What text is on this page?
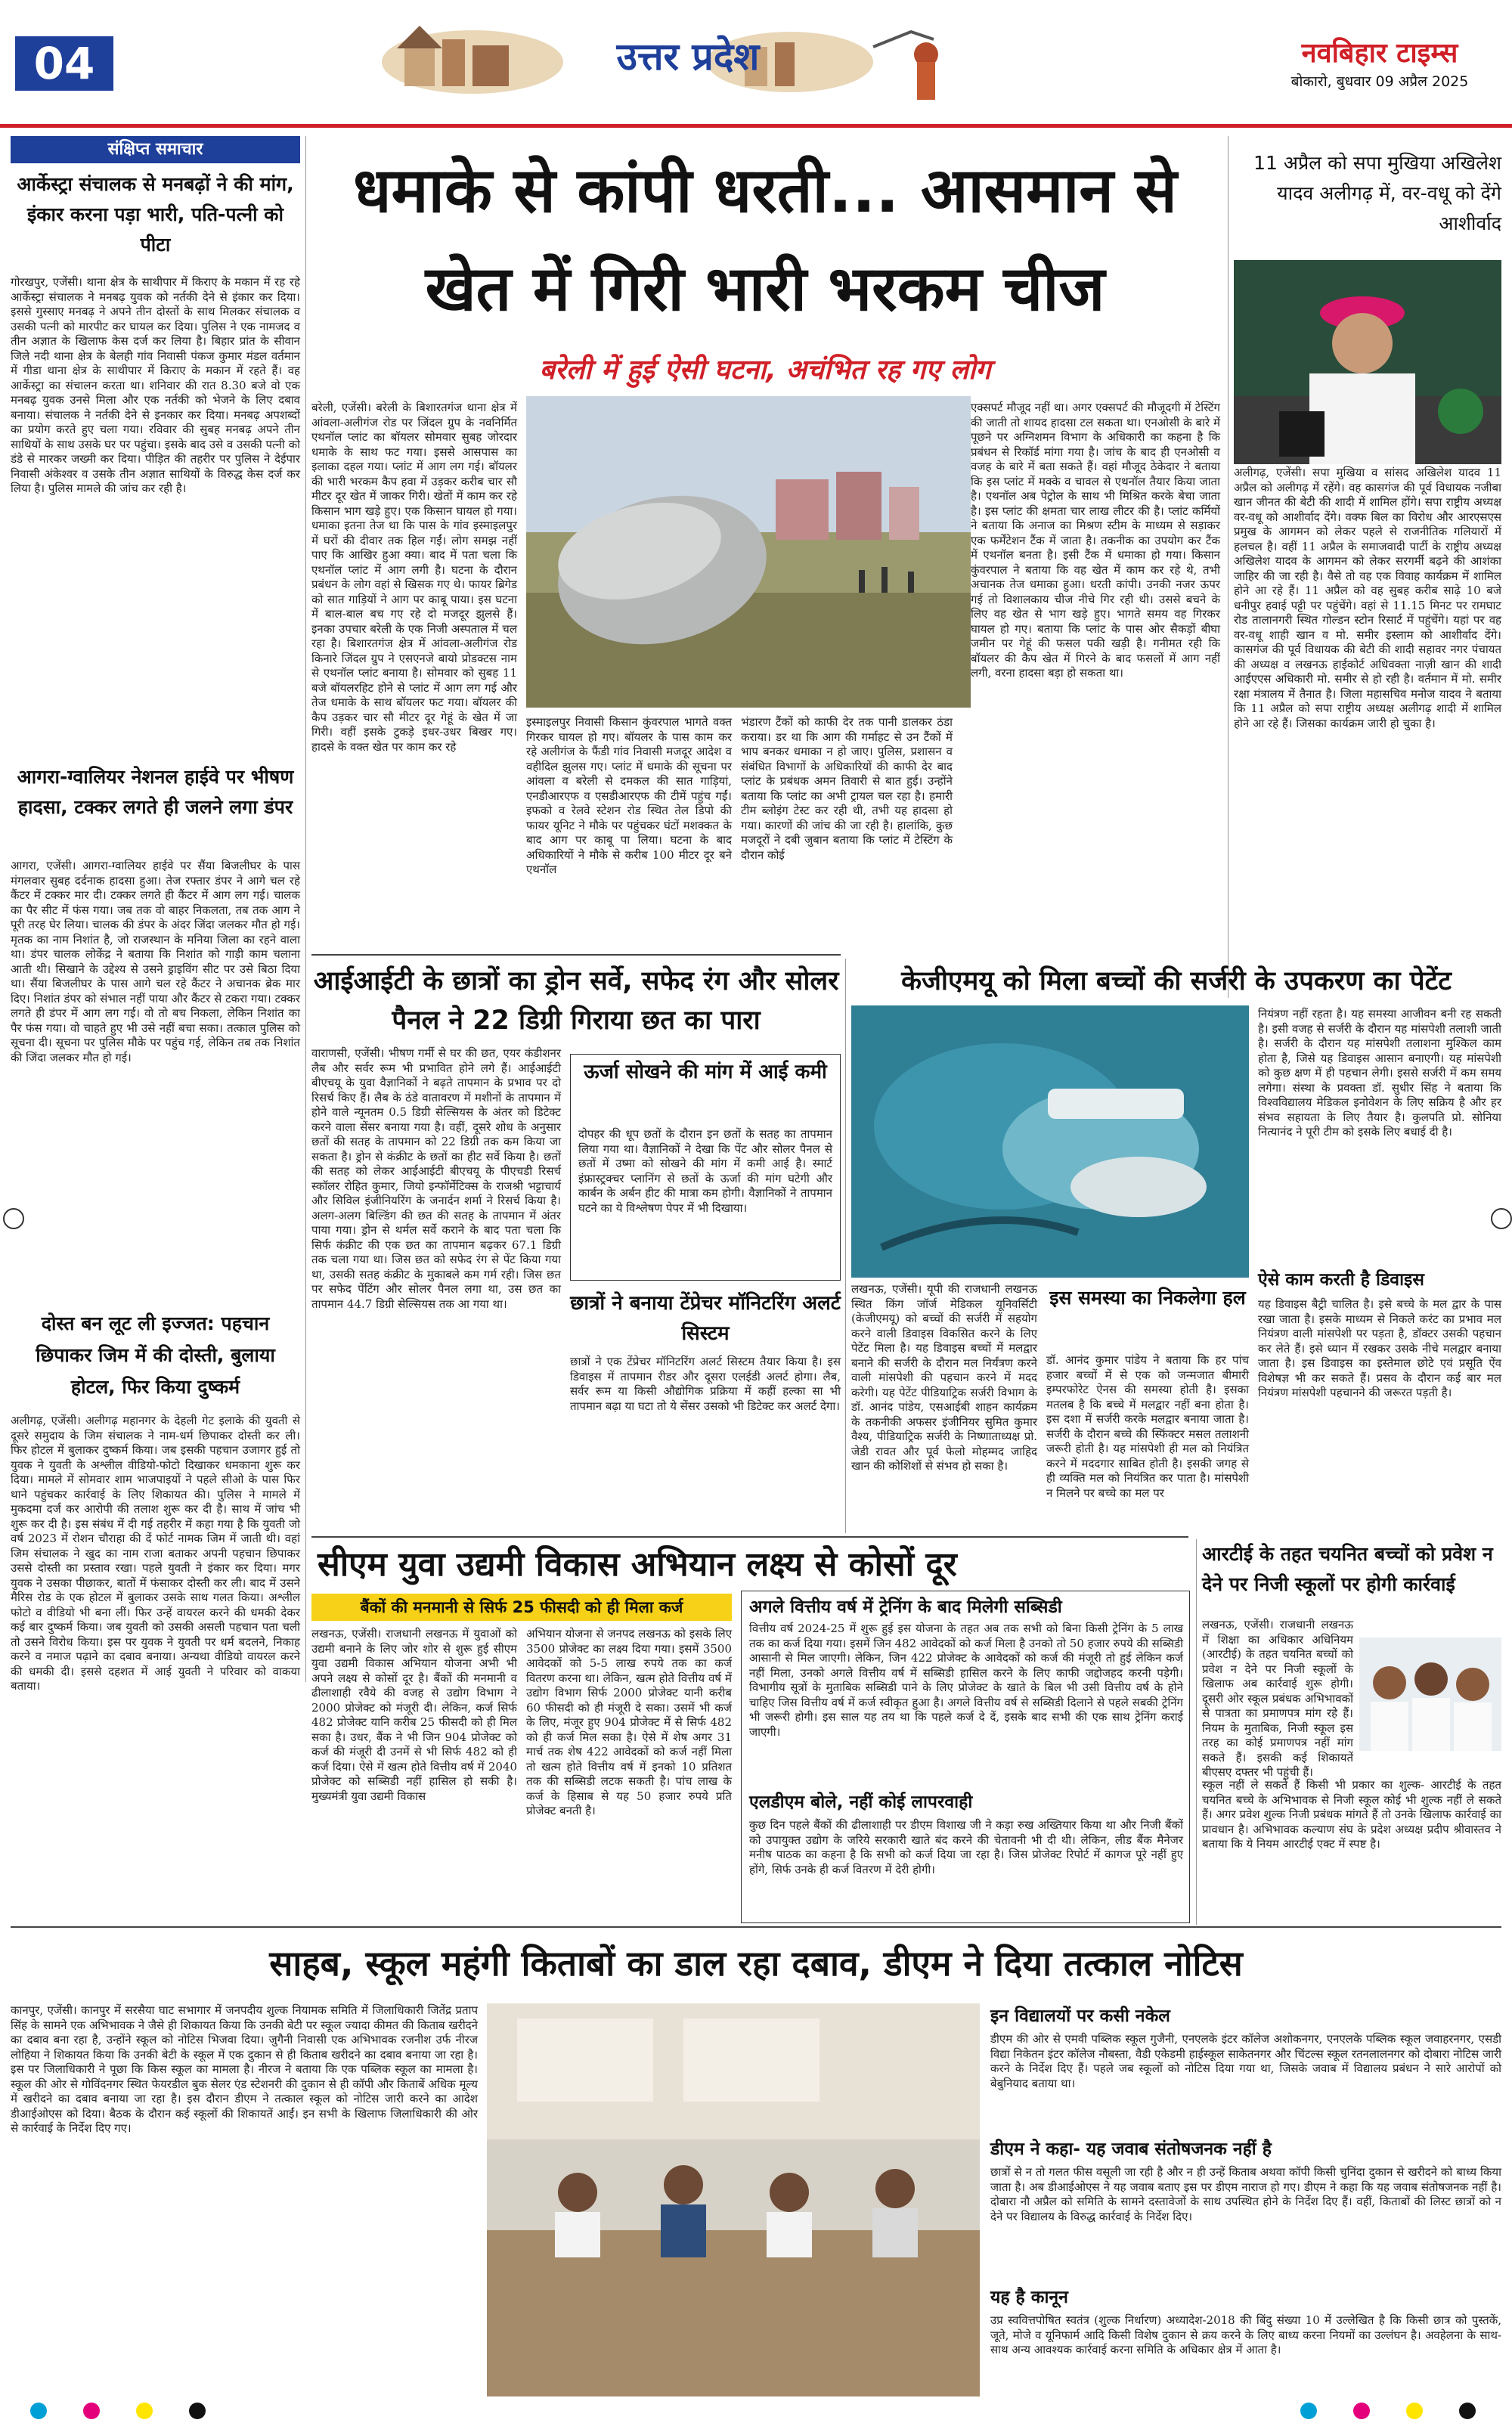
04	उत्तर प्रदेश	नवबिहार टाइम्स
बोकारो, बुधवार 09 अप्रैल 2025
संक्षिप्त समाचार
आर्केस्ट्रा संचालक से मनबढ़ों ने की मांग, इंकार करना पड़ा भारी, पति-पत्नी को पीटा
गोरखपुर, एजेंसी। थाना क्षेत्र के साथीपार में किराए के मकान में रह रहे आर्केस्ट्रा संचालक ने मनबढ़ युवक को नर्तकी देने से इंकार कर दिया। इससे गुस्साए मनबढ़ ने अपने तीन दोस्तों के साथ मिलकर संचालक व उसकी पत्नी को मारपीट कर घायल कर दिया। पुलिस ने एक नामजद व तीन अज्ञात के खिलाफ केस दर्ज कर लिया है। बिहार प्रांत के सीवान जिले नदी थाना क्षेत्र के बेलही गांव निवासी पंकज कुमार मंडल वर्तमान में गीडा थाना क्षेत्र के साथीपार में किराए के मकान में रहते हैं। वह आर्केस्ट्रा का संचालन करता था। शनिवार की रात 8.30 बजे वो एक मनबढ़ युवक उनसे मिला और एक नर्तकी को भेजने के लिए दबाव बनाया। संचालक ने नर्तकी देने से इनकार कर दिया। मनबढ़ अपशब्दों का प्रयोग करते हुए चला गया। रविवार की सुबह मनबढ़ अपने तीन साथियों के साथ उसके घर पर पहुंचा। इसके बाद उसे व उसकी पत्नी को डंडे से मारकर जख्मी कर दिया। पीड़ित की तहरीर पर पुलिस ने देईपार निवासी अंकेश्वर व उसके तीन अज्ञात साथियों के विरुद्ध केस दर्ज कर लिया है। पुलिस मामले की जांच कर रही है।
आगरा-ग्वालियर नेशनल हाईवे पर भीषण हादसा, टक्कर लगते ही जलने लगा डंपर
आगरा, एजेंसी। आगरा-ग्वालियर हाईवे पर सैंया बिजलीघर के पास मंगलवार सुबह दर्दनाक हादसा हुआ। तेज रफ्तार डंपर ने आगे चल रहे कैंटर में टक्कर मार दी। टक्कर लगते ही कैंटर में आग लग गई। चालक का पैर सीट में फंस गया। जब तक वो बाहर निकलता, तब तक आग ने पूरी तरह घेर लिया। चालक की डंपर के अंदर जिंदा जलकर मौत हो गई। मृतक का नाम निशांत है, जो राजस्थान के मनिया जिला का रहने वाला था। डंपर चालक लोकेंद्र ने बताया कि निशांत को गाड़ी काम चलाना आती थी। सिखाने के उद्देश्य से उसने ड्राइविंग सीट पर उसे बिठा दिया था। सैंया बिजलीघर के पास आगे चल रहे कैंटर ने अचानक ब्रेक मार दिए। निशांत डंपर को संभाल नहीं पाया और कैंटर से टकरा गया। टक्कर लगते ही डंपर में आग लग गई। वो तो बच निकला, लेकिन निशांत का पैर फंस गया। वो चाहते हुए भी उसे नहीं बचा सका। तत्काल पुलिस को सूचना दी। सूचना पर पुलिस मौके पर पहुंच गई, लेकिन तब तक निशांत की जिंदा जलकर मौत हो गई।
दोस्त बन लूट ली इज्जत: पहचान छिपाकर जिम में की दोस्ती, बुलाया होटल, फिर किया दुष्कर्म
अलीगढ़, एजेंसी। अलीगढ़ महानगर के देहली गेट इलाके की युवती से दूसरे समुदाय के जिम संचालक ने नाम-धर्म छिपाकर दोस्ती कर ली। फिर होटल में बुलाकर दुष्कर्म किया। जब इसकी पहचान उजागर हुई तो युवक ने युवती के अश्लील वीडियो-फोटो दिखाकर धमकाना शुरू कर दिया। मामले में सोमवार शाम भाजपाइयों ने पहले सीओ के पास फिर थाने पहुंचकर कार्रवाई के लिए शिकायत की। पुलिस ने मामले में मुकदमा दर्ज कर आरोपी की तलाश शुरू कर दी है। साथ में जांच भी शुरू कर दी है। इस संबंध में दी गई तहरीर में कहा गया है कि युवती जो वर्ष 2023 में रोशन चौराहा की दें फोर्ट नामक जिम में जाती थी। वहां जिम संचालक ने खुद का नाम राजा बताकर अपनी पहचान छिपाकर उससे दोस्ती का प्रस्ताव रखा। पहले युवती ने इंकार कर दिया। मगर युवक ने उसका पीछाकर, बातों में फंसाकर दोस्ती कर ली। बाद में उसने मैरिस रोड के एक होटल में बुलाकर उसके साथ गलत किया। अश्लील फोटो व वीडियो भी बना लीं। फिर उन्हें वायरल करने की धमकी देकर कई बार दुष्कर्म किया। जब युवती को उसकी असली पहचान पता चली तो उसने विरोध किया। इस पर युवक ने युवती पर धर्म बदलने, निकाह करने व नमाज पढ़ाने का दबाव बनाया। अन्यथा वीडियो वायरल करने की धमकी दी। इससे दहशत में आई युवती ने परिवार को वाकया बताया।
धमाके से कांपी धरती... आसमान से खेत में गिरी भारी भरकम चीज
बरेली में हुई ऐसी घटना, अचंभित रह गए लोग
बरेली, एजेंसी। बरेली के बिशारतगंज थाना क्षेत्र में आंवला-अलीगंज रोड पर जिंदल ग्रुप के नवनिर्मित एथनॉल प्लांट का बॉयलर सोमवार सुबह जोरदार धमाके के साथ फट गया। इससे आसपास का इलाका दहल गया। प्लांट में आग लग गई। बॉयलर की भारी भरकम कैप हवा में उड़कर करीब चार सौ मीटर दूर खेत में जाकर गिरी। खेतों में काम कर रहे किसान भाग खड़े हुए। एक किसान घायल हो गया। धमाका इतना तेज था कि पास के गांव इस्माइलपुर में घरों की दीवार तक हिल गईं। लोग समझ नहीं पाए कि आखिर हुआ क्या। बाद में पता चला कि एथनॉल प्लांट में आग लगी है। घटना के दौरान प्रबंधन के लोग वहां से खिसक गए थे। फायर ब्रिगेड को सात गाड़ियों ने आग पर काबू पाया। इस घटना में बाल-बाल बच गए रहे दो मजदूर झुलसे हैं। इनका उपचार बरेली के एक निजी अस्पताल में चल रहा है। बिशारतगंज क्षेत्र में आंवला-अलीगंज रोड किनारे जिंदल ग्रुप ने एसएनजे बायो प्रोडक्टस नाम से एथनॉल प्लांट बनाया है। सोमवार को सुबह 11 बजे बॉयलरहिट होने से प्लांट में आग लग गई और तेज धमाके के साथ बॉयलर फट गया। बॉयलर की कैप उड़कर चार सौ मीटर दूर गेहूं के खेत में जा गिरी। वहीं इसके टुकड़े इधर-उधर बिखर गए। हादसे के वक्त खेत पर काम कर रहे
इस्माइलपुर निवासी किसान कुंवरपाल भागते वक्त गिरकर घायल हो गए। बॉयलर के पास काम कर रहे अलीगंज के फैंडी गांव निवासी मजदूर आदेश व वहीदिल झुलस गए। प्लांट में धमाके की सूचना पर आंवला व बरेली से दमकल की सात गाड़ियां, एनडीआरएफ व एसडीआरएफ की टीमें पहुंच गईं। इफको व रेलवे स्टेशन रोड स्थित तेल डिपो की फायर यूनिट ने मौके पर पहुंचकर घंटों मशक्कत के बाद आग पर काबू पा लिया। घटना के बाद अधिकारियों ने मौके से करीब 100 मीटर दूर बने एथनॉल
भंडारण टैंकों को काफी देर तक पानी डालकर ठंडा कराया। डर था कि आग की गर्माहट से उन टैंकों में भाप बनकर धमाका न हो जाए। पुलिस, प्रशासन व संबंधित विभागों के अधिकारियों की काफी देर बाद प्लांट के प्रबंधक अमन तिवारी से बात हुई। उन्होंने बताया कि प्लांट का अभी ट्रायल चल रहा है। हमारी टीम ब्लोइंग टेस्ट कर रही थी, तभी यह हादसा हो गया। कारणों की जांच की जा रही है। हालांकि, कुछ मजदूरों ने दबी जुबान बताया कि प्लांट में टेस्टिंग के दौरान कोई
एक्सपर्ट मौजूद नहीं था। अगर एक्सपर्ट की मौजूदगी में टेस्टिंग की जाती तो शायद हादसा टल सकता था। एनओसी के बारे में पूछने पर अग्निशमन विभाग के अधिकारी का कहना है कि प्रबंधन से रिकॉर्ड मांगा गया है। जांच के बाद ही एनओसी व वजह के बारे में बता सकते हैं। वहां मौजूद ठेकेदार ने बताया कि इस प्लांट में मक्के व चावल से एथनॉल तैयार किया जाता है। एथनॉल अब पेट्रोल के साथ भी मिश्रित करके बेचा जाता है। इस प्लांट की क्षमता चार लाख लीटर की है। प्लांट कर्मियों ने बताया कि अनाज का मिश्रण स्टीम के माध्यम से सड़ाकर एक फर्मेंटेशन टैंक में जाता है। तकनीक का उपयोग कर टैंक में एथनॉल बनता है। इसी टैंक में धमाका हो गया। किसान कुंवरपाल ने बताया कि वह खेत में काम कर रहे थे, तभी अचानक तेज धमाका हुआ। धरती कांपी। उनकी नजर ऊपर गई तो विशालकाय चीज नीचे गिर रही थी। उससे बचने के लिए वह खेत से भाग खड़े हुए। भागते समय वह गिरकर घायल हो गए। बताया कि प्लांट के पास ओर सैकड़ों बीघा जमीन पर गेहूं की फसल पकी खड़ी है। गनीमत रही कि बॉयलर की कैप खेत में गिरने के बाद फसलों में आग नहीं लगी, वरना हादसा बड़ा हो सकता था।
11 अप्रैल को सपा मुखिया अखिलेश यादव अलीगढ़ में, वर-वधू को देंगे आशीर्वाद
अलीगढ़, एजेंसी। सपा मुखिया व सांसद अखिलेश यादव 11 अप्रैल को अलीगढ़ में रहेंगे। वह कासगंज की पूर्व विधायक नजीबा खान जीनत की बेटी की शादी में शामिल होंगे। सपा राष्ट्रीय अध्यक्ष वर-वधू को आशीर्वाद देंगे। वक्फ बिल का विरोध और आरएसएस प्रमुख के आगमन को लेकर पहले से राजनीतिक गलियारों में हलचल है। वहीं 11 अप्रैल के समाजवादी पार्टी के राष्ट्रीय अध्यक्ष अखिलेश यादव के आगमन को लेकर सरगर्मी बढ़ने की आशंका जाहिर की जा रही है। वैसे तो वह एक विवाह कार्यक्रम में शामिल होने आ रहे हैं। 11 अप्रैल को वह सुबह करीब साढ़े 10 बजे धनीपुर हवाई पट्टी पर पहुंचेंगे। वहां से 11.15 मिनट पर रामघाट रोड तालानगरी स्थित गोल्डन स्टोन रिसार्ट में पहुंचेंगे। यहां पर वह वर-वधू शाही खान व मो. समीर इस्लाम को आशीर्वाद देंगे। कासगंज की पूर्व विधायक की बेटी की शादी सहावर नगर पंचायत की अध्यक्ष व लखनऊ हाईकोर्ट अधिवक्ता नाज़ी खान की शादी आईएएस अधिकारी मो. समीर से हो रही है। वर्तमान में मो. समीर रक्षा मंत्रालय में तैनात है। जिला महासचिव मनोज यादव ने बताया कि 11 अप्रैल को सपा राष्ट्रीय अध्यक्ष अलीगढ़ शादी में शामिल होने आ रहे हैं। जिसका कार्यक्रम जारी हो चुका है।
आईआईटी के छात्रों का ड्रोन सर्वे, सफेद रंग और सोलर पैनल ने 22 डिग्री गिराया छत का पारा
वाराणसी, एजेंसी। भीषण गर्मी से घर की छत, एयर कंडीशनर लैब और सर्वर रूम भी प्रभावित होने लगे हैं। आईआईटी बीएचयू के युवा वैज्ञानिकों ने बढ़ते तापमान के प्रभाव पर दो रिसर्च किए हैं। लैब के ठंडे वातावरण में मशीनों के तापमान में होने वाले न्यूनतम 0.5 डिग्री सेल्सियस के अंतर को डिटेक्ट करने वाला सेंसर बनाया गया है। वहीं, दूसरे शोध के अनुसार छतों की सतह के तापमान को 22 डिग्री तक कम किया जा सकता है। ड्रोन से कंक्रीट के छतों का हीट सर्वे किया है। छतों की सतह को लेकर आईआईटी बीएचयू के पीएचडी रिसर्च स्कॉलर रोहित कुमार, जियो इन्फॉर्मेटिक्स के राजश्री भट्टाचार्य और सिविल इंजीनियरिंग के जनार्दन शर्मा ने रिसर्च किया है। अलग-अलग बिल्डिंग की छत की सतह के तापमान में अंतर पाया गया। ड्रोन से थर्मल सर्वे कराने के बाद पता चला कि सिर्फ कंक्रीट की एक छत का तापमान बढ़कर 67.1 डिग्री तक चला गया था। जिस छत को सफेद रंग से पेंट किया गया था, उसकी सतह कंक्रीट के मुकाबले कम गर्म रही। जिस छत पर सफेद पेंटिंग और सोलर पैनल लगा था, उस छत का तापमान 44.7 डिग्री सेल्सियस तक आ गया था।
ऊर्जा सोखने की मांग में आई कमी
दोपहर की धूप छतों के दौरान इन छतों के सतह का तापमान लिया गया था। वैज्ञानिकों ने देखा कि पेंट और सोलर पैनल से छतों में उष्मा को सोखने की मांग में कमी आई है। स्मार्ट इंफ्रास्ट्रक्चर प्लानिंग से छतों के ऊर्जा की मांग घटेगी और कार्बन के अर्बन हीट की मात्रा कम होगी। वैज्ञानिकों ने तापमान घटने का ये विश्लेषण पेपर में भी दिखाया।
छात्रों ने बनाया टेंप्रेचर मॉनिटरिंग अलर्ट सिस्टम
छात्रों ने एक टेंप्रेचर मॉनिटरिंग अलर्ट सिस्टम तैयार किया है। इस डिवाइस में तापमान रीडर और दूसरा एलईडी अलर्ट होगा। लैब, सर्वर रूम या किसी औद्योगिक प्रक्रिया में कहीं हल्का सा भी तापमान बढ़ा या घटा तो ये सेंसर उसको भी डिटेक्ट कर अलर्ट देगा।
केजीएमयू को मिला बच्चों की सर्जरी के उपकरण का पेटेंट
लखनऊ, एजेंसी। यूपी की राजधानी लखनऊ स्थित किंग जॉर्ज मेडिकल यूनिवर्सिटी (केजीएमयू) को बच्चों की सर्जरी में सहयोग करने वाली डिवाइस विकसित करने के लिए पेटेंट मिला है। यह डिवाइस बच्चों में मलद्वार बनाने की सर्जरी के दौरान मल निर्यंत्रण करने वाली मांसपेशी की पहचान करने में मदद करेगी। यह पेटेंट पीडियाट्रिक सर्जरी विभाग के डॉ. आनंद पांडेय, एसआईबी शाहन कार्यक्रम के तकनीकी अफसर इंजीनियर सुमित कुमार वैश्य, पीडियाट्रिक सर्जरी के निष्णाताध्यक्ष प्रो. जेडी रावत और पूर्व फेलो मोहम्मद जाहिद खान की कोशिशों से संभव हो सका है।
इस समस्या का निकलेगा हल
डॉ. आनंद कुमार पांडेय ने बताया कि हर पांच हजार बच्चों में से एक को जन्मजात बीमारी इम्परफोरेट ऐनस की समस्या होती है। इसका मतलब है कि बच्चे में मलद्वार नहीं बना होता है। इस दशा में सर्जरी करके मलद्वार बनाया जाता है। सर्जरी के दौरान बच्चे की स्फिंक्टर मसल तलाशनी जरूरी होती है। यह मांसपेशी ही मल को नियंत्रित करने में मददगार साबित होती है। इसकी जगह से ही व्यक्ति मल को नियंत्रित कर पाता है। मांसपेशी न मिलने पर बच्चे का मल पर
नियंत्रण नहीं रहता है। यह समस्या आजीवन बनी रह सकती है। इसी वजह से सर्जरी के दौरान यह मांसपेशी तलाशी जाती है। सर्जरी के दौरान यह मांसपेशी तलाशना मुश्किल काम होता है, जिसे यह डिवाइस आसान बनाएगी। यह मांसपेशी को कुछ क्षण में ही पहचान लेगी। इससे सर्जरी में कम समय लगेगा। संस्था के प्रवक्ता डॉ. सुधीर सिंह ने बताया कि विश्वविद्यालय मेडिकल इनोवेशन के लिए सक्रिय है और हर संभव सहायता के लिए तैयार है। कुलपति प्रो. सोनिया नित्यानंद ने पूरी टीम को इसके लिए बधाई दी है।
ऐसे काम करती है डिवाइस
यह डिवाइस बैट्री चालित है। इसे बच्चे के मल द्वार के पास रखा जाता है। इसके माध्यम से निकले करंट का प्रभाव मल नियंत्रण वाली मांसपेशी पर पड़ता है, डॉक्टर उसकी पहचान कर लेते हैं। इसे ध्यान में रखकर उसके नीचे मलद्वार बनाया जाता है। इस डिवाइस का इस्तेमाल छोटे एवं प्रसूति ऐंव विशेषज्ञ भी कर सकते हैं। प्रसव के दौरान कई बार मल नियंत्रण मांसपेशी पहचानने की जरूरत पड़ती है।
सीएम युवा उद्यमी विकास अभियान लक्ष्य से कोसों दूर
बैंकों की मनमानी से सिर्फ 25 फीसदी को ही मिला कर्ज
लखनऊ, एजेंसी। राजधानी लखनऊ में युवाओं को उद्यमी बनाने के लिए जोर शोर से शुरू हुई सीएम युवा उद्यमी विकास अभियान योजना अभी भी अपने लक्ष्य से कोसों दूर है। बैंकों की मनमानी व ढीलाशाही रवैये की वजह से उद्योग विभाग ने 2000 प्रोजेक्ट को मंजूरी दी। लेकिन, कर्ज सिर्फ 482 प्रोजेक्ट यानि करीब 25 फीसदी को ही मिल सका है। उधर, बैंक ने भी जिन 904 प्रोजेक्ट को कर्ज की मंजूरी दी उनमें से भी सिर्फ 482 को ही कर्ज दिया। ऐसे में खत्म होते वित्तीय वर्ष में 2040 प्रोजेक्ट को सब्सिडी नहीं हासिल हो सकी है। मुख्यमंत्री युवा उद्यमी विकास
अभियान योजना से जनपद लखनऊ को इसके लिए 3500 प्रोजेक्ट का लक्ष्य दिया गया। इसमें 3500 आवेदकों को 5-5 लाख रुपये तक का कर्ज वितरण करना था। लेकिन, खत्म होते वित्तीय वर्ष में उद्योग विभाग सिर्फ 2000 प्रोजेक्ट यानी करीब 60 फीसदी को ही मंजूरी दे सका। उसमें भी कर्ज के लिए, मंजूर हुए 904 प्रोजेक्ट में से सिर्फ 482 को ही कर्ज मिल सका है। ऐसे में शेष अगर 31 मार्च तक शेष 422 आवेदकों को कर्ज नहीं मिला तो खत्म होते वित्तीय वर्ष में इनको 10 प्रतिशत तक की सब्सिडी लटक सकती है। पांच लाख के कर्ज के हिसाब से यह 50 हजार रुपये प्रति प्रोजेक्ट बनती है।
अगले वित्तीय वर्ष में ट्रेनिंग के बाद मिलेगी सब्सिडी
वित्तीय वर्ष 2024-25 में शुरू हुई इस योजना के तहत अब तक सभी को बिना किसी ट्रेनिंग के 5 लाख तक का कर्ज दिया गया। इसमें जिन 482 आवेदकों को कर्ज मिला है उनको तो 50 हजार रुपये की सब्सिडी आसानी से मिल जाएगी। लेकिन, जिन 422 प्रोजेक्ट के आवेदकों को कर्ज की मंजूरी तो हुई लेकिन कर्ज नहीं मिला, उनको अगले वित्तीय वर्ष में सब्सिडी हासिल करने के लिए काफी जद्दोजहद करनी पड़ेगी। विभागीय सूत्रों के मुताबिक सब्सिडी पाने के लिए प्रोजेक्ट के खाते के बिल भी उसी वित्तीय वर्ष के होने चाहिए जिस वित्तीय वर्ष में कर्ज स्वीकृत हुआ है। अगले वित्तीय वर्ष से सब्सिडी दिलाने से पहले सबकी ट्रेनिंग भी जरूरी होगी। इस साल यह तय था कि पहले कर्ज दे दें, इसके बाद सभी की एक साथ ट्रेनिंग कराई जाएगी।
एलडीएम बोले, नहीं कोई लापरवाही
कुछ दिन पहले बैंकों की ढीलाशाही पर डीएम विशाख जी ने कड़ा रुख अख्तियार किया था और निजी बैंकों को उपायुक्त उद्योग के जरिये सरकारी खाते बंद करने की चेतावनी भी दी थी। लेकिन, लीड बैंक मैनेजर मनीष पाठक का कहना है कि सभी को कर्ज दिया जा रहा है। जिस प्रोजेक्ट रिपोर्ट में कागज पूरे नहीं हुए होंगे, सिर्फ उनके ही कर्ज वितरण में देरी होगी।
आरटीई के तहत चयनित बच्चों को प्रवेश न देने पर निजी स्कूलों पर होगी कार्रवाई
लखनऊ, एजेंसी। राजधानी लखनऊ में शिक्षा का अधिकार अधिनियम (आरटीई) के तहत चयनित बच्चों को प्रवेश न देने पर निजी स्कूलों के खिलाफ अब कार्रवाई शुरू होगी। दूसरी ओर स्कूल प्रबंधक अभिभावकों से पात्रता का प्रमाणपत्र मांग रहे हैं। नियम के मुताबिक, निजी स्कूल इस तरह का कोई प्रमाणपत्र नहीं मांग सकते हैं। इसकी कई शिकायतें बीएसए दफ्तर भी पहुंची हैं।
स्कूल नहीं ले सकते हैं किसी भी प्रकार का शुल्क- आरटीई के तहत चयनित बच्चे के अभिभावक से निजी स्कूल कोई भी शुल्क नहीं ले सकते हैं। अगर प्रवेश शुल्क निजी प्रबंधक मांगते हैं तो उनके खिलाफ कार्रवाई का प्रावधान है। अभिभावक कल्याण संघ के प्रदेश अध्यक्ष प्रदीप श्रीवास्तव ने बताया कि ये नियम आरटीई एक्ट में स्पष्ट है।
साहब, स्कूल महंगी किताबों का डाल रहा दबाव, डीएम ने दिया तत्काल नोटिस
कानपुर, एजेंसी। कानपुर में सरसैया घाट सभागार में जनपदीय शुल्क नियामक समिति में जिलाधिकारी जितेंद्र प्रताप सिंह के सामने एक अभिभावक ने जैसे ही शिकायत किया कि उनकी बेटी पर स्कूल ज्यादा कीमत की किताब खरीदने का दबाव बना रहा है, उन्होंने स्कूल को नोटिस भिजवा दिया। जुगैनी निवासी एक अभिभावक रजनीश उर्फ नीरज लोहिया ने शिकायत किया कि उनकी बेटी के स्कूल में एक दुकान से ही किताब खरीदने का दबाव बनाया जा रहा है। इस पर जिलाधिकारी ने पूछा कि किस स्कूल का मामला है। नीरज ने बताया कि एक पब्लिक स्कूल का मामला है। स्कूल की ओर से गोविंदनगर स्थित फेयरडील बुक सेलर एंड स्टेशनरी की दुकान से ही कॉपी और किताबें अधिक मूल्य में खरीदने का दबाव बनाया जा रहा है। इस दौरान डीएम ने तत्काल स्कूल को नोटिस जारी करने का आदेश डीआईओएस को दिया। बैठक के दौरान कई स्कूलों की शिकायतें आईं। इन सभी के खिलाफ जिलाधिकारी की ओर से कार्रवाई के निर्देश दिए गए।
इन विद्यालयों पर कसी नकेल
डीएम की ओर से एमवी पब्लिक स्कूल गुजैनी, एनएलके इंटर कॉलेज अशोकनगर, एनएलके पब्लिक स्कूल जवाहरनगर, एसडी विद्या निकेतन इंटर कॉलेज नौबस्ता, वैडी एकेडमी हाईस्कूल साकेतनगर और चिंटल्स स्कूल रतनलालनगर को दोबारा नोटिस जारी करने के निर्देश दिए हैं। पहले जब स्कूलों को नोटिस दिया गया था, जिसके जवाब में विद्यालय प्रबंधन ने सारे आरोपों को बेबुनियाद बताया था।
डीएम ने कहा- यह जवाब संतोषजनक नहीं है
छात्रों से न तो गलत फीस वसूली जा रही है और न ही उन्हें किताब अथवा कॉपी किसी चुनिंदा दुकान से खरीदने को बाध्य किया जाता है। अब डीआईओएस ने यह जवाब बताए इस पर डीएम नाराज हो गए। डीएम ने कहा कि यह जवाब संतोषजनक नहीं है। दोबारा नौ अप्रैल को समिति के सामने दस्तावेजों के साथ उपस्थित होने के निर्देश दिए हैं। वहीं, किताबों की लिस्ट छात्रों को न देने पर विद्यालय के विरुद्ध कार्रवाई के निर्देश दिए।
यह है कानून
उप्र स्ववित्तपोषित स्वतंत्र (शुल्क निर्धारण) अध्यादेश-2018 की बिंदु संख्या 10 में उल्लेखित है कि किसी छात्र को पुस्तकें, जूते, मोजे व यूनिफार्म आदि किसी विशेष दुकान से क्रय करने के लिए बाध्य करना नियमों का उल्लंघन है। अवहेलना के साथ-साथ अन्य आवश्यक कार्रवाई करना समिति के अधिकार क्षेत्र में आता है।
